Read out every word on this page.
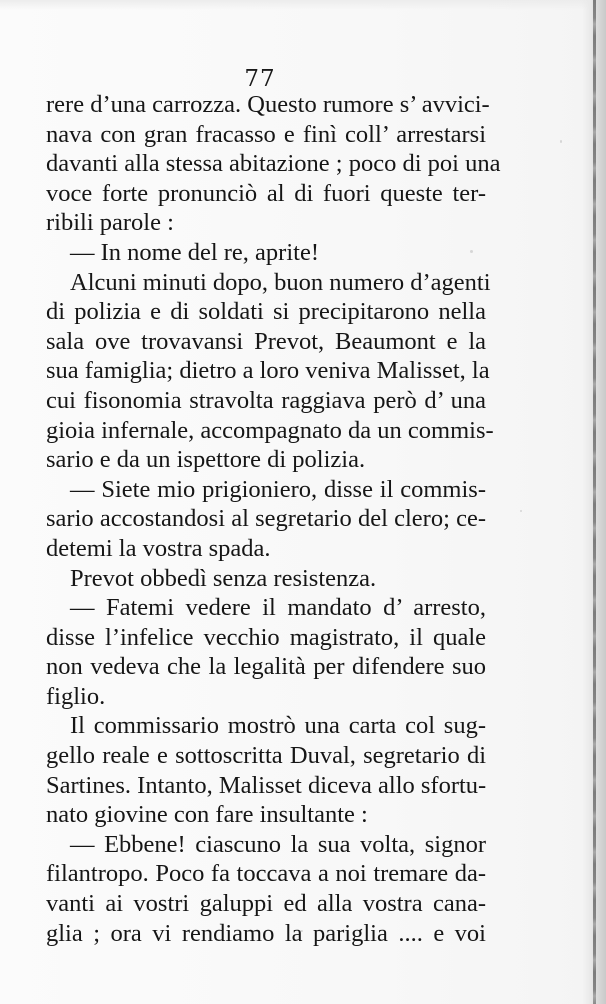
77
rere d’una carrozza. Questo rumore s’ avvici-
nava con gran fracasso e finì coll’ arrestarsi
davanti alla stessa abitazione ; poco di poi una
voce forte pronunciò al di fuori queste ter-
ribili parole :
— In nome del re, aprite!
Alcuni minuti dopo, buon numero d’agenti
di polizia e di soldati si precipitarono nella
sala ove trovavansi Prevot, Beaumont e la
sua famiglia; dietro a loro veniva Malisset, la
cui fisonomia stravolta raggiava però d’ una
gioia infernale, accompagnato da un commis-
sario e da un ispettore di polizia.
— Siete mio prigioniero, disse il commis-
sario accostandosi al segretario del clero; ce-
detemi la vostra spada.
Prevot obbedì senza resistenza.
— Fatemi vedere il mandato d’ arresto,
disse l’infelice vecchio magistrato, il quale
non vedeva che la legalità per difendere suo
figlio.
Il commissario mostrò una carta col sug-
gello reale e sottoscritta Duval, segretario di
Sartines. Intanto, Malisset diceva allo sfortu-
nato giovine con fare insultante :
— Ebbene! ciascuno la sua volta, signor
filantropo. Poco fa toccava a noi tremare da-
vanti ai vostri galuppi ed alla vostra cana-
glia ; ora vi rendiamo la pariglia .... e voi
